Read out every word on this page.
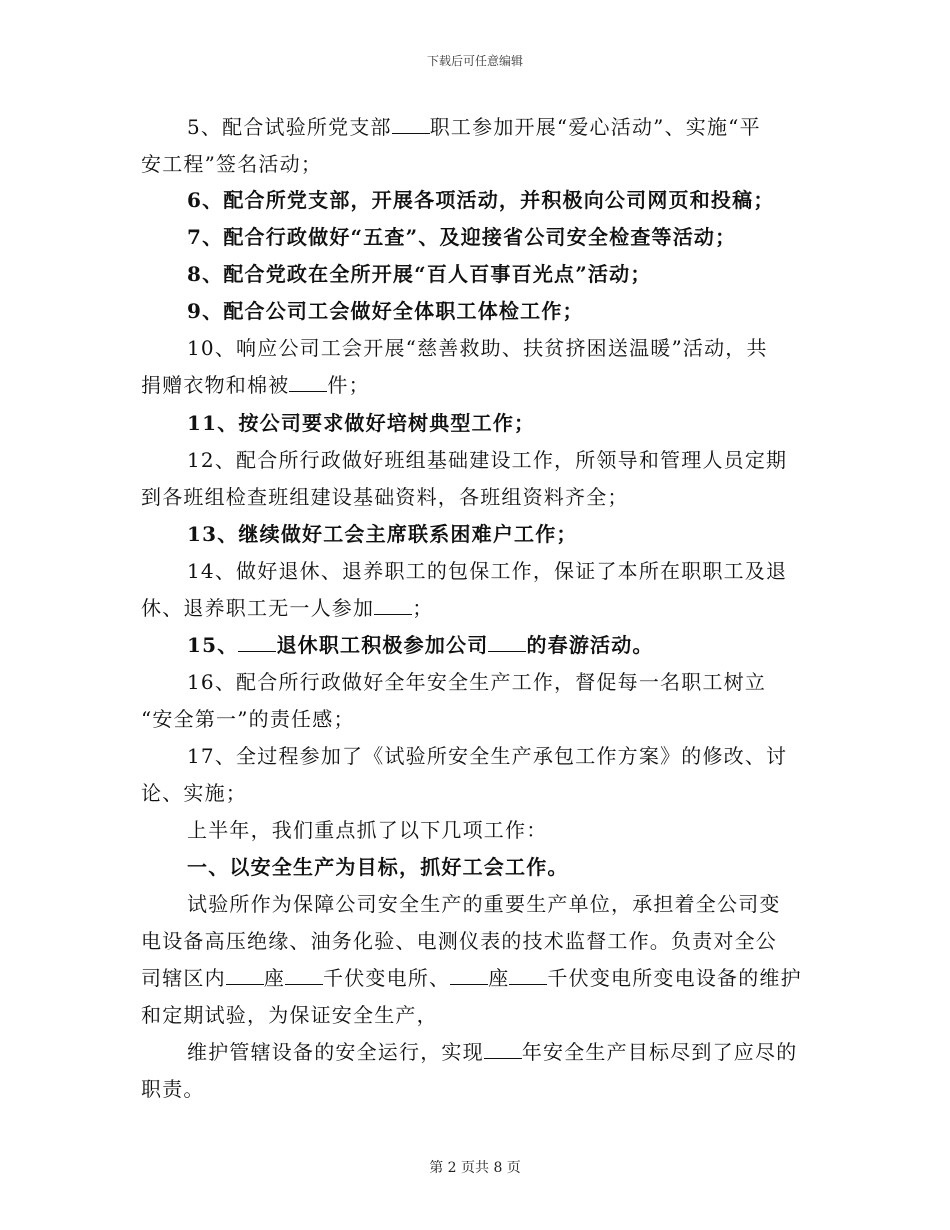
下载后可任意编辑
5、配合试验所党支部 职工参加开展“爱心活动”、实施“平
安工程”签名活动；
6、配合所党支部，开展各项活动，并积极向公司网页和投稿；
7、配合行政做好“五查”、及迎接省公司安全检查等活动；
8、配合党政在全所开展“百人百事百光点”活动；
9、配合公司工会做好全体职工体检工作；
10、响应公司工会开展“慈善救助、扶贫挤困送温暖”活动，共
捐赠衣物和棉被 件；
11、按公司要求做好培树典型工作；
12、配合所行政做好班组基础建设工作，所领导和管理人员定期
到各班组检查班组建设基础资料，各班组资料齐全；
13、继续做好工会主席联系困难户工作；
14、做好退休、退养职工的包保工作，保证了本所在职职工及退
休、退养职工无一人参加 ；
15、 退休职工积极参加公司 的春游活动。
16、配合所行政做好全年安全生产工作，督促每一名职工树立
“安全第一”的责任感；
17、全过程参加了《试验所安全生产承包工作方案》的修改、讨
论、实施；
上半年，我们重点抓了以下几项工作：
一、以安全生产为目标，抓好工会工作。
试验所作为保障公司安全生产的重要生产单位，承担着全公司变
电设备高压绝缘、油务化验、电测仪表的技术监督工作。负责对全公
司辖区内 座 千伏变电所、 座 千伏变电所变电设备的维护
和定期试验，为保证安全生产，
维护管辖设备的安全运行，实现 年安全生产目标尽到了应尽的
职责。
第 2 页共 8 页
